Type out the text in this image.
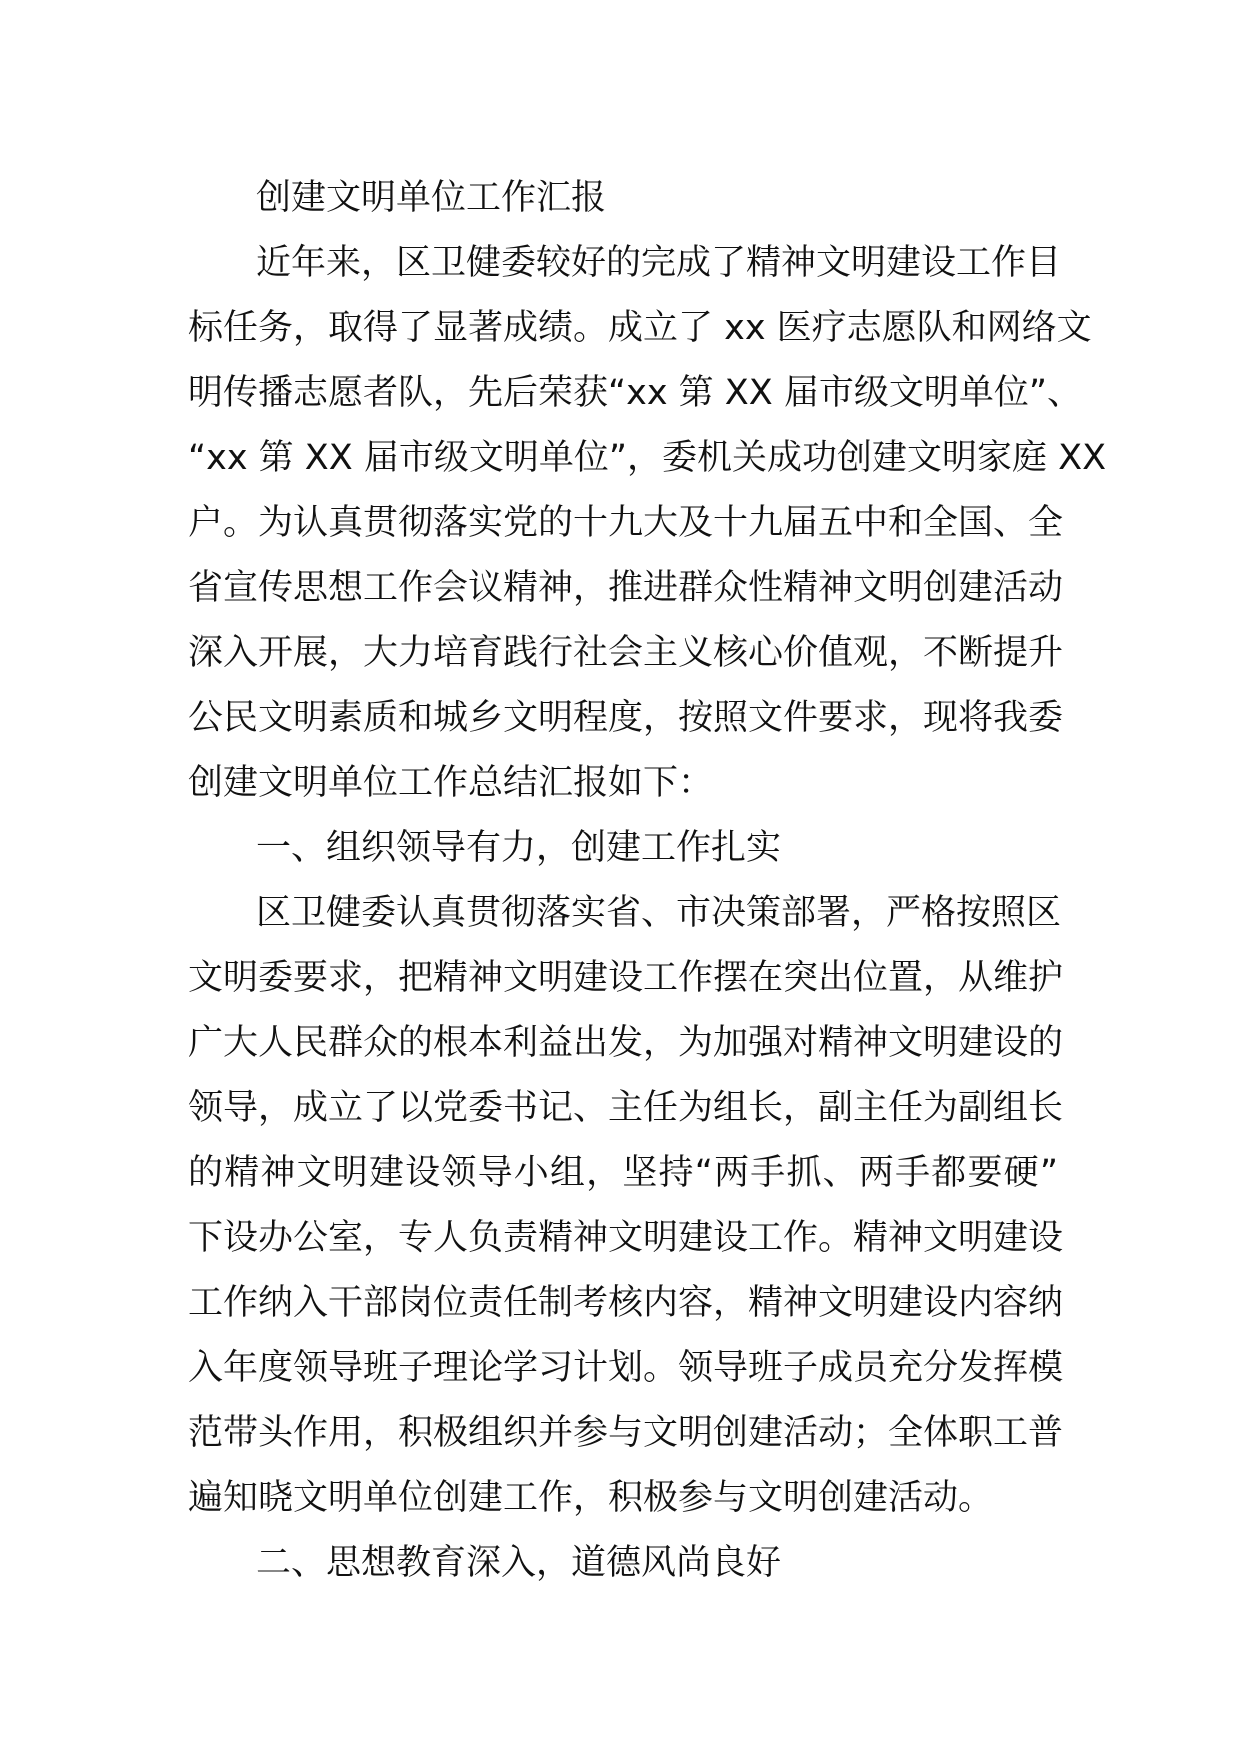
创建文明单位工作汇报
近年来，区卫健委较好的完成了精神文明建设工作目
标任务，取得了显著成绩。成立了 xx 医疗志愿队和网络文
明传播志愿者队，先后荣获“xx 第 XX 届市级文明单位”、
“xx 第 XX 届市级文明单位”，委机关成功创建文明家庭 XX
户。为认真贯彻落实党的十九大及十九届五中和全国、全
省宣传思想工作会议精神，推进群众性精神文明创建活动
深入开展，大力培育践行社会主义核心价值观，不断提升
公民文明素质和城乡文明程度，按照文件要求，现将我委
创建文明单位工作总结汇报如下：
一、组织领导有力，创建工作扎实
区卫健委认真贯彻落实省、市决策部署，严格按照区
文明委要求，把精神文明建设工作摆在突出位置，从维护
广大人民群众的根本利益出发，为加强对精神文明建设的
领导，成立了以党委书记、主任为组长，副主任为副组长
的精神文明建设领导小组，坚持“两手抓、两手都要硬”
下设办公室，专人负责精神文明建设工作。精神文明建设
工作纳入干部岗位责任制考核内容，精神文明建设内容纳
入年度领导班子理论学习计划。领导班子成员充分发挥模
范带头作用，积极组织并参与文明创建活动；全体职工普
遍知晓文明单位创建工作，积极参与文明创建活动。
二、思想教育深入，道德风尚良好
